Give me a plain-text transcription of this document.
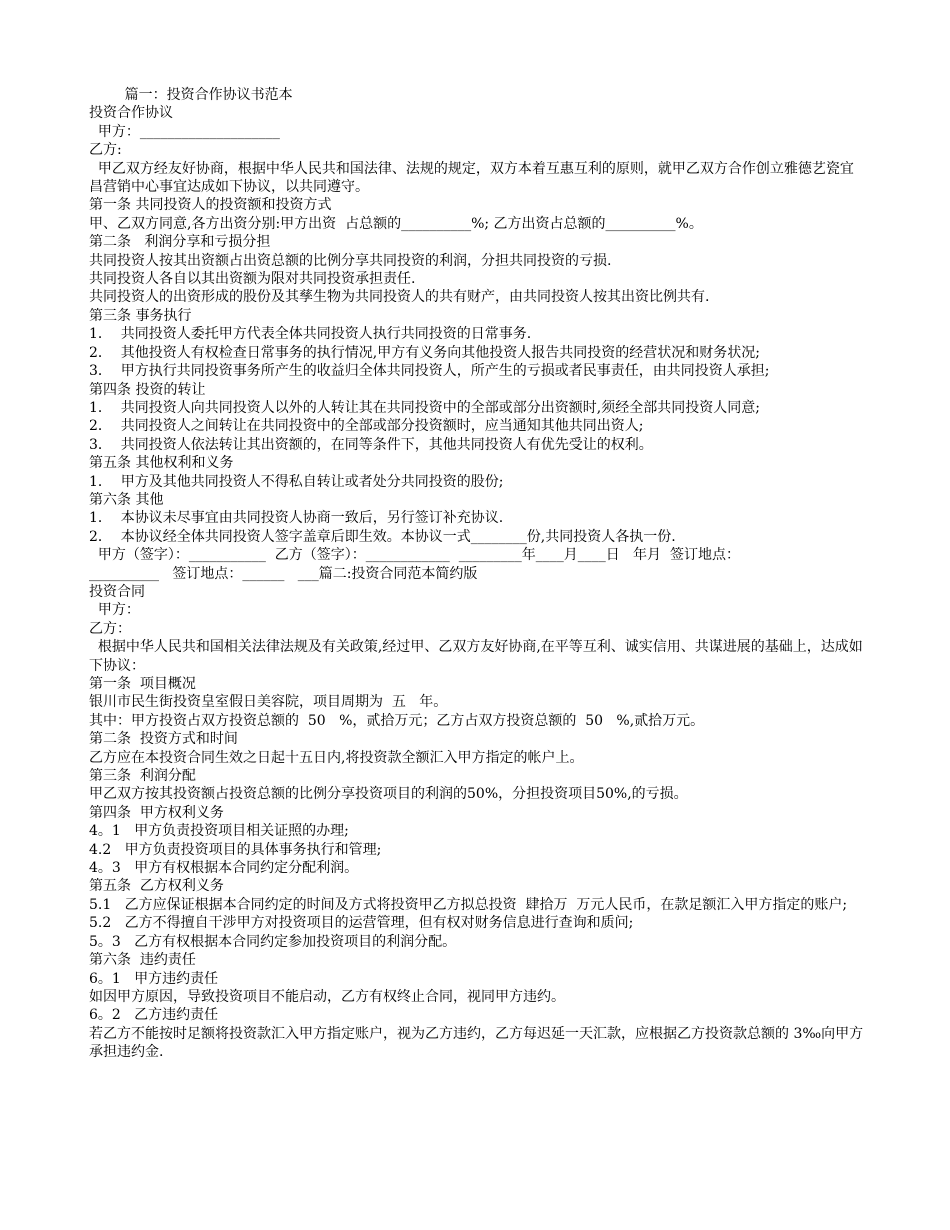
篇一：投资合作协议书范本
投资合作协议
甲方：____________________
乙方:
甲乙双方经友好协商，根据中华人民共和国法律、法规的规定，双方本着互惠互利的原则，就甲乙双方合作创立雅德艺瓷宜昌营销中心事宜达成如下协议，以共同遵守。
第一条 共同投资人的投资额和投资方式
甲、乙双方同意,各方出资分别:甲方出资  占总额的__________%; 乙方出资占总额的__________%。
第二条   利润分享和亏损分担
共同投资人按其出资额占出资总额的比例分享共同投资的利润，分担共同投资的亏损.
共同投资人各自以其出资额为限对共同投资承担责任.
共同投资人的出资形成的股份及其孳生物为共同投资人的共有财产，由共同投资人按其出资比例共有.
第三条 事务执行
1．  共同投资人委托甲方代表全体共同投资人执行共同投资的日常事务.
2．  其他投资人有权检查日常事务的执行情况,甲方有义务向其他投资人报告共同投资的经营状况和财务状况;
3．  甲方执行共同投资事务所产生的收益归全体共同投资人，所产生的亏损或者民事责任，由共同投资人承担;
第四条 投资的转让
1．  共同投资人向共同投资人以外的人转让其在共同投资中的全部或部分出资额时,须经全部共同投资人同意;
2．  共同投资人之间转让在共同投资中的全部或部分投资额时，应当通知其他共同出资人;
3．  共同投资人依法转让其出资额的，在同等条件下，其他共同投资人有优先受让的权利。
第五条 其他权利和义务
1．  甲方及其他共同投资人不得私自转让或者处分共同投资的股份;
第六条 其他
1．  本协议未尽事宜由共同投资人协商一致后，另行签订补充协议.
2．  本协议经全体共同投资人签字盖章后即生效。本协议一式________份,共同投资人各执一份.
甲方（签字）：___________  乙方（签字）：____________  _________年____月____日   年月  签订地点：
__________   签订地点：______   ___篇二:投资合同范本简约版
投资合同
甲方：
乙方：
根据中华人民共和国相关法律法规及有关政策,经过甲、乙双方友好协商,在平等互利、诚实信用、共谋进展的基础上，达成如下协议：
第一条  项目概况
银川市民生街投资皇室假日美容院，项目周期为  五   年。
其中：甲方投资占双方投资总额的  50   %，贰拾万元；乙方占双方投资总额的  50   %,贰拾万元。
第二条  投资方式和时间
乙方应在本投资合同生效之日起十五日内,将投资款全额汇入甲方指定的帐户上。
第三条  利润分配
甲乙双方按其投资额占投资总额的比例分享投资项目的利润的50%，分担投资项目50%,的亏损。
第四条  甲方权利义务
4。1   甲方负责投资项目相关证照的办理;
4.2   甲方负责投资项目的具体事务执行和管理;
4。3   甲方有权根据本合同约定分配利润。
第五条  乙方权利义务
5.1   乙方应保证根据本合同约定的时间及方式将投资甲乙方拟总投资  肆拾万  万元人民币，在款足额汇入甲方指定的账户;
5.2   乙方不得擅自干涉甲方对投资项目的运营管理，但有权对财务信息进行查询和质问;
5。3   乙方有权根据本合同约定参加投资项目的利润分配。
第六条  违约责任
6。1   甲方违约责任
如因甲方原因，导致投资项目不能启动，乙方有权终止合同，视同甲方违约。
6。2   乙方违约责任
若乙方不能按时足额将投资款汇入甲方指定账户，视为乙方违约，乙方每迟延一天汇款，应根据乙方投资款总额的 3‰向甲方承担违约金.
